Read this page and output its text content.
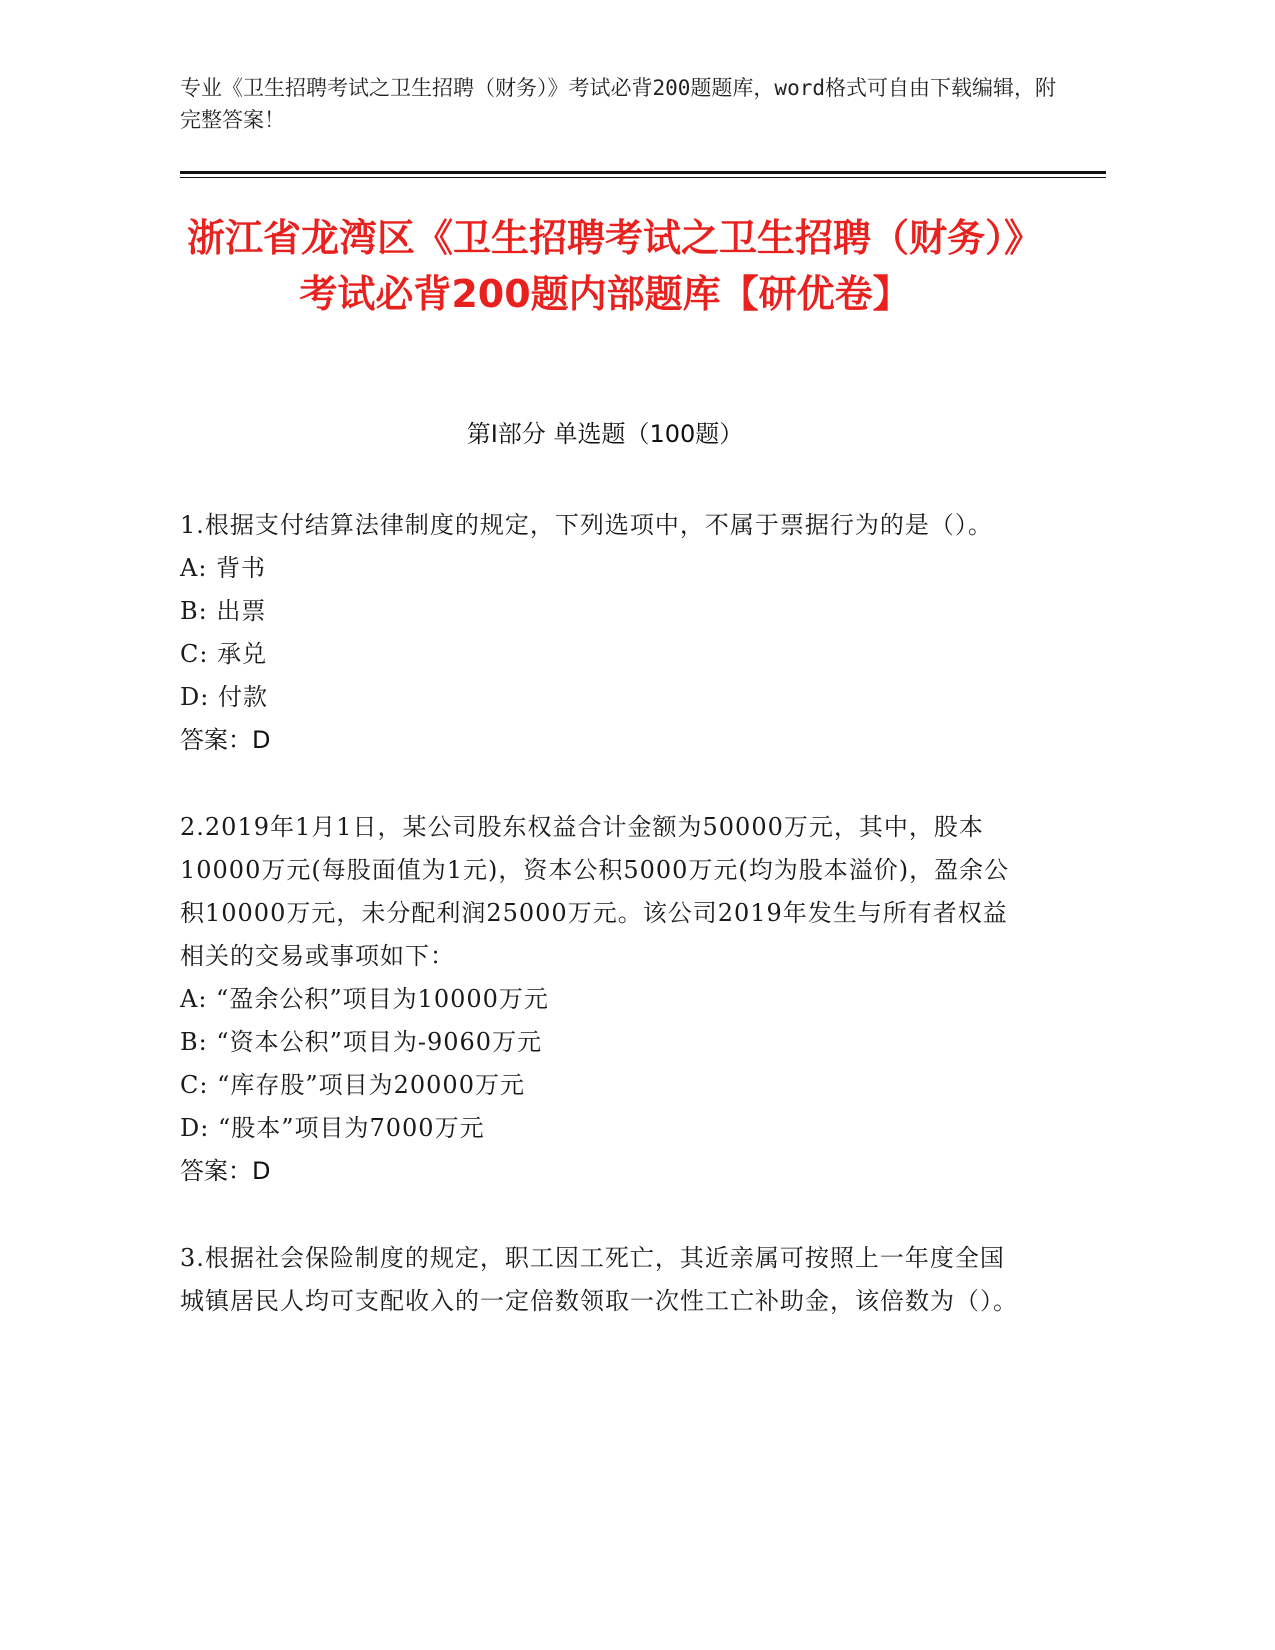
专业《卫生招聘考试之卫生招聘（财务）》考试必背200题题库，word格式可自由下载编辑，附完整答案！
浙江省龙湾区《卫生招聘考试之卫生招聘（财务）》考试必背200题内部题库【研优卷】
第I部分 单选题（100题）

1.根据支付结算法律制度的规定，下列选项中，不属于票据行为的是（）。

A: 背书
B: 出票
C: 承兑
D: 付款
答案：D

2.2019年1月1日，某公司股东权益合计金额为50000万元，其中，股本10000万元(每股面值为1元)，资本公积5000万元(均为股本溢价)，盈余公积10000万元，未分配利润25000万元。该公司2019年发生与所有者权益相关的交易或事项如下：

A: “盈余公积”项目为10000万元
B: “资本公积”项目为-9060万元
C: “库存股”项目为20000万元
D: “股本”项目为7000万元
答案：D

3.根据社会保险制度的规定，职工因工死亡，其近亲属可按照上一年度全国城镇居民人均可支配收入的一定倍数领取一次性工亡补助金，该倍数为（）。
